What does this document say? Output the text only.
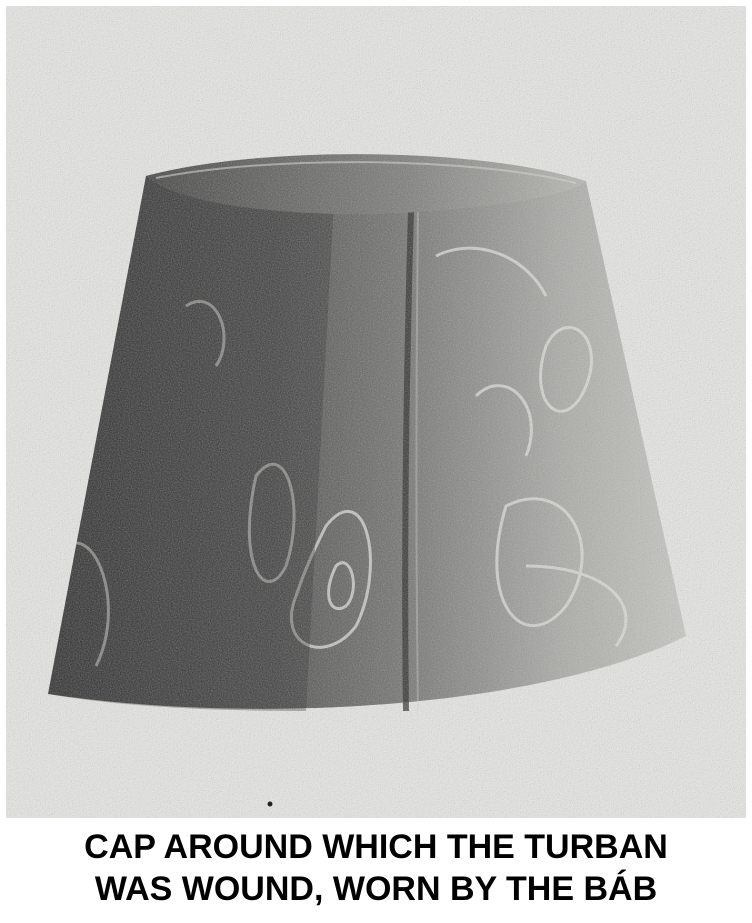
CAP AROUND WHICH THE TURBAN
WAS WOUND, WORN BY THE BÁB
